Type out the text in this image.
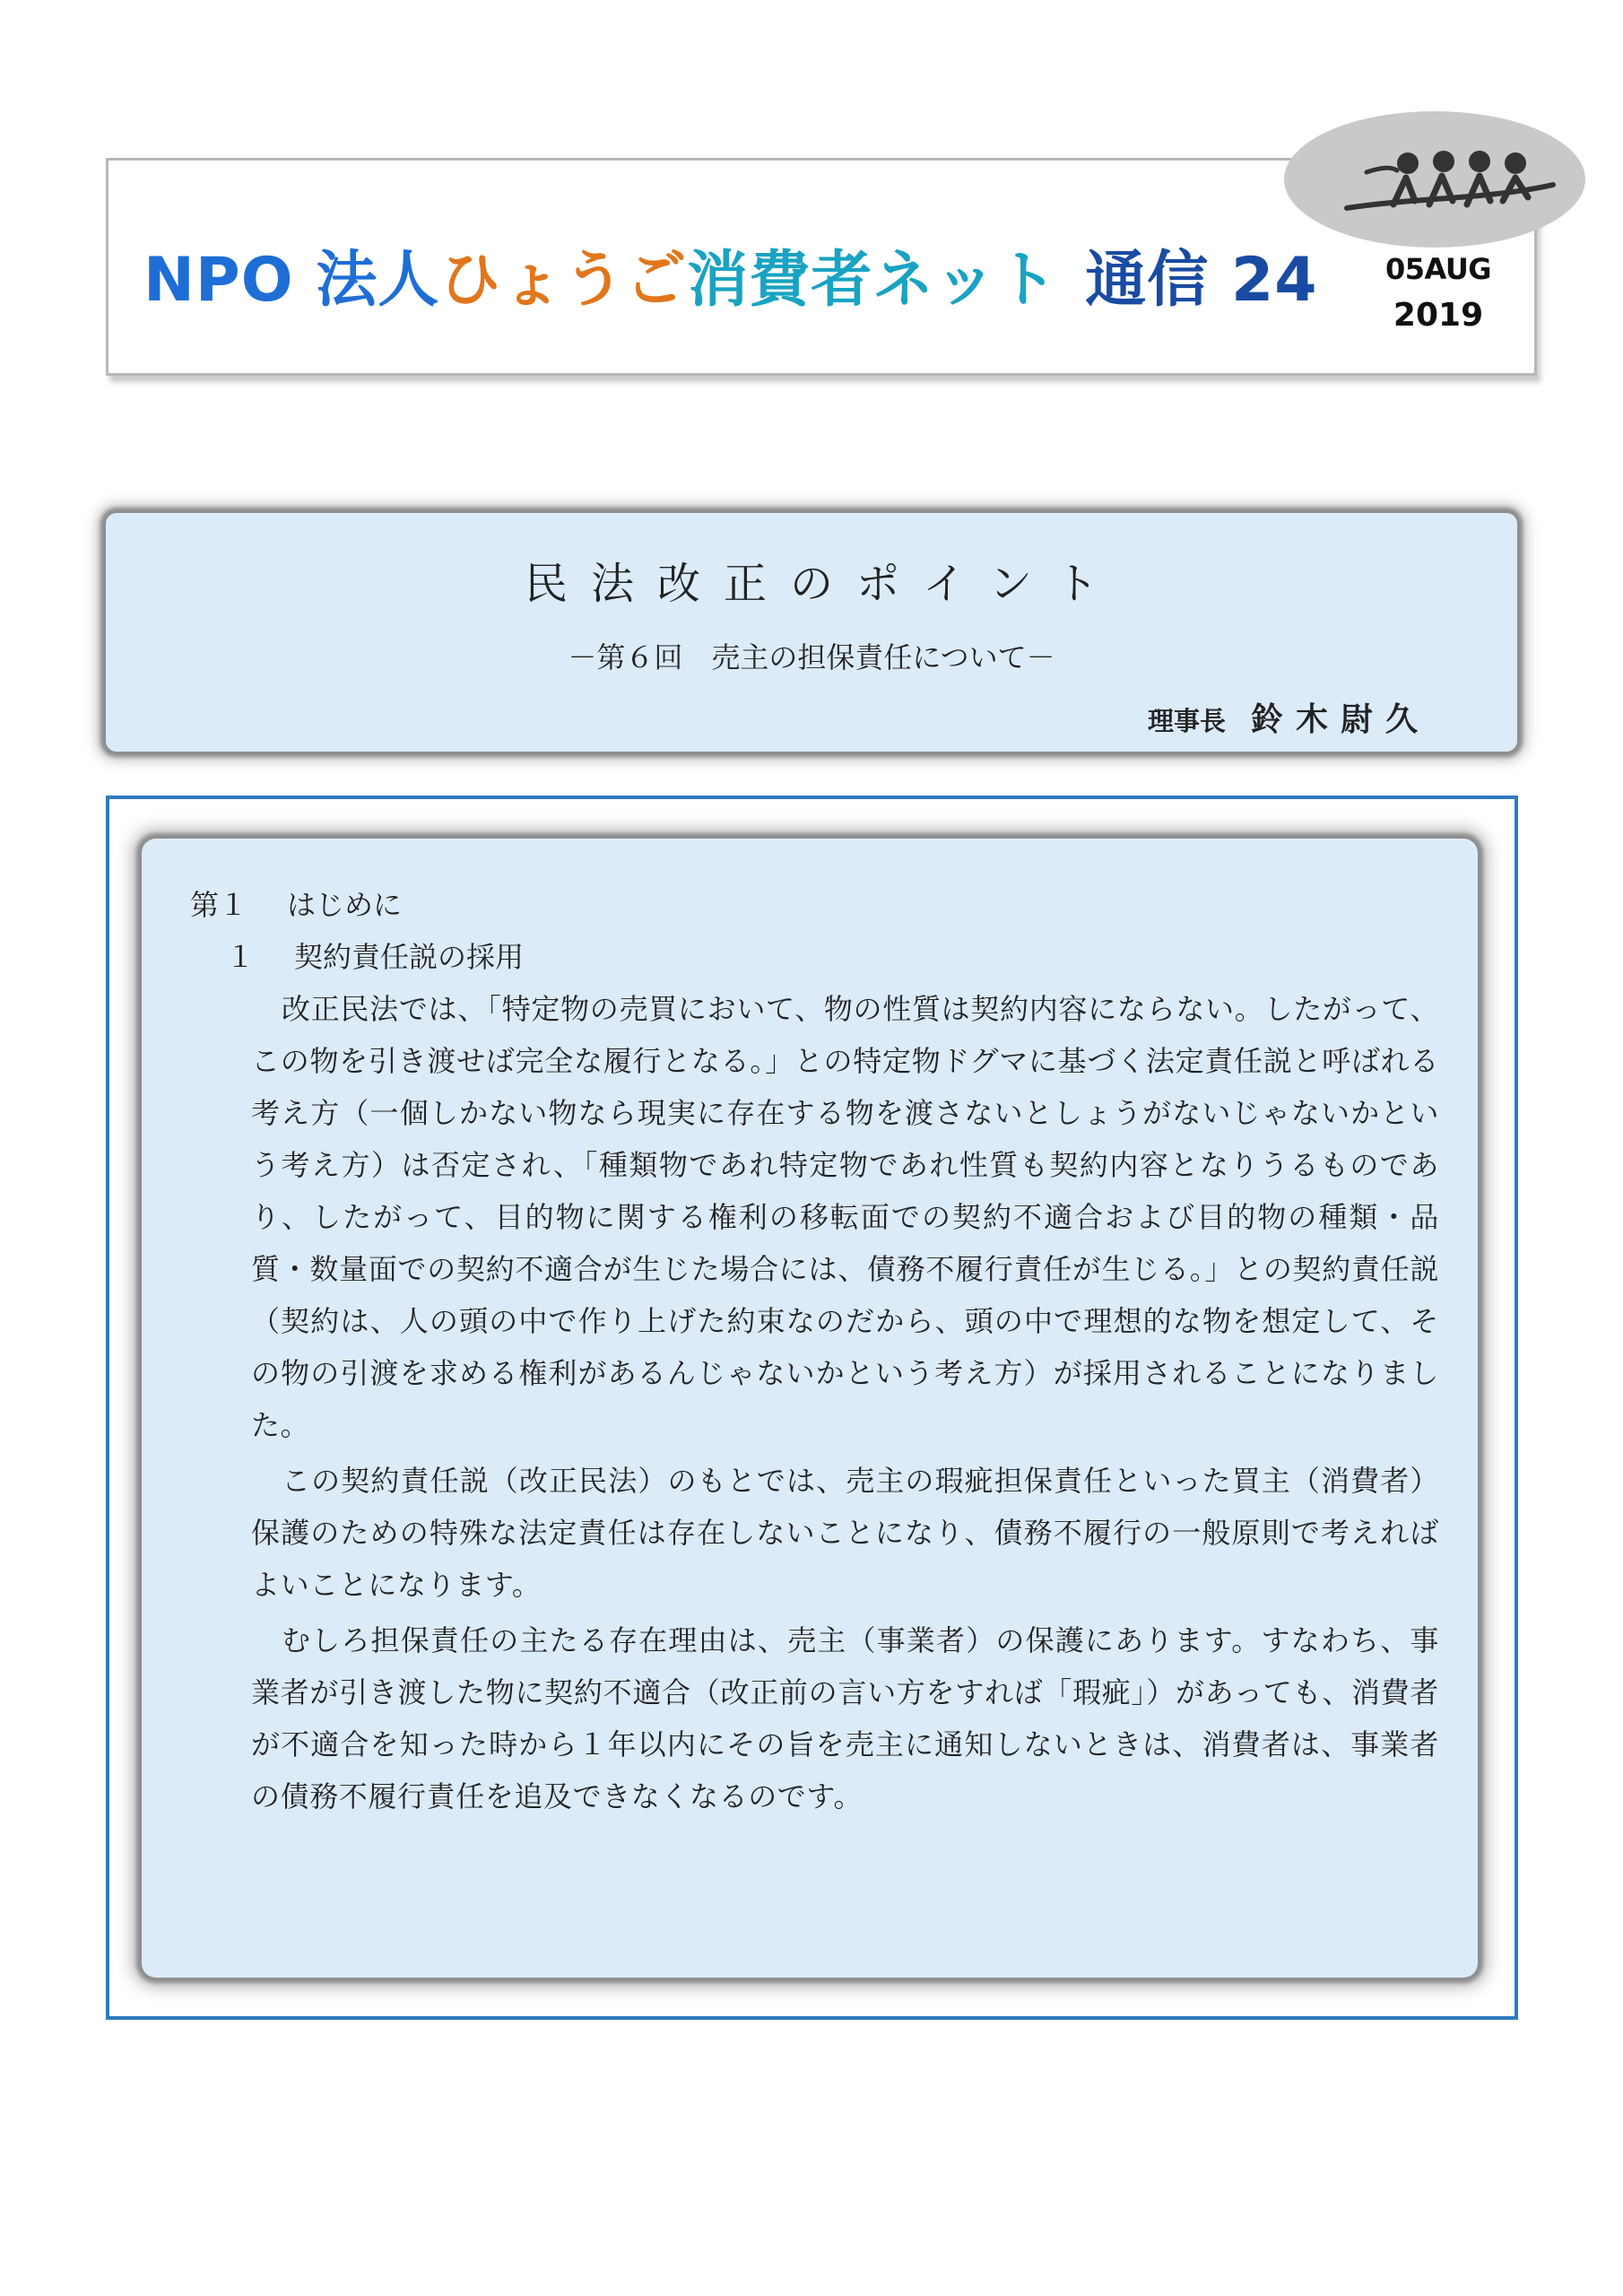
NPO 法人ひょうご消費者ネット 通信 24 05AUG
2019
民法改正のポイント
－第６回　売主の担保責任について－
理事長 鈴木尉久

第１ はじめに

１ 契約責任説の採用

改正民法では、「特定物の売買において、物の性質は契約内容にならない。したがって、この物を引き渡せば完全な履行となる。」との特定物ドグマに基づく法定責任説と呼ばれる考え方（一個しかない物なら現実に存在する物を渡さないとしょうがないじゃないかという考え方）は否定され、「種類物であれ特定物であれ性質も契約内容となりうるものであり、したがって、目的物に関する権利の移転面での契約不適合および目的物の種類・品質・数量面での契約不適合が生じた場合には、債務不履行責任が生じる。」との契約責任説（契約は、人の頭の中で作り上げた約束なのだから、頭の中で理想的な物を想定して、その物の引渡を求める権利があるんじゃないかという考え方）が採用されることになりました。

この契約責任説（改正民法）のもとでは、売主の瑕疵担保責任といった買主（消費者）保護のための特殊な法定責任は存在しないことになり、債務不履行の一般原則で考えればよいことになります。

むしろ担保責任の主たる存在理由は、売主（事業者）の保護にあります。すなわち、事業者が引き渡した物に契約不適合（改正前の言い方をすれば「瑕疵」）があっても、消費者が不適合を知った時から１年以内にその旨を売主に通知しないときは、消費者は、事業者の債務不履行責任を追及できなくなるのです。
